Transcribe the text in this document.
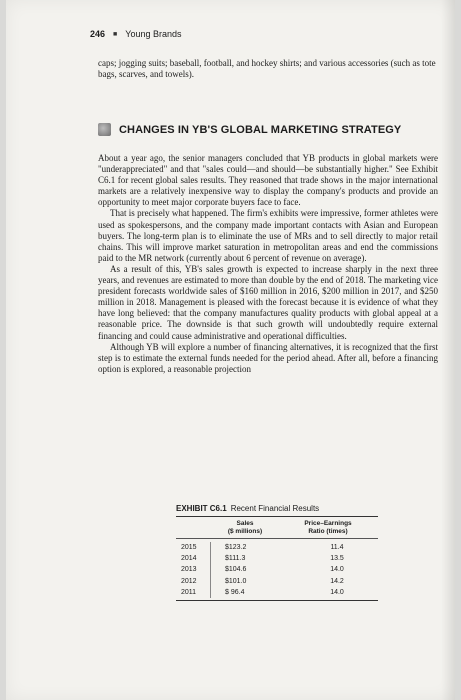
246 ■ Young Brands
caps; jogging suits; baseball, football, and hockey shirts; and various accessories (such as tote bags, scarves, and towels).
CHANGES IN YB'S GLOBAL MARKETING STRATEGY

About a year ago, the senior managers concluded that YB products in global markets were "underappreciated" and that "sales could—and should—be substantially higher." See Exhibit C6.1 for recent global sales results. They reasoned that trade shows in the major international markets are a relatively inexpensive way to display the company's products and provide an opportunity to meet major corporate buyers face to face.

That is precisely what happened. The firm's exhibits were impressive, former athletes were used as spokespersons, and the company made important contacts with Asian and European buyers. The long-term plan is to eliminate the use of MRs and to sell directly to major retail chains. This will improve market saturation in metropolitan areas and end the commissions paid to the MR network (currently about 6 percent of revenue on average).

As a result of this, YB's sales growth is expected to increase sharply in the next three years, and revenues are estimated to more than double by the end of 2018. The marketing vice president forecasts worldwide sales of $160 million in 2016, $200 million in 2017, and $250 million in 2018. Management is pleased with the forecast because it is evidence of what they have long believed: that the company manufactures quality products with global appeal at a reasonable price. The downside is that such growth will undoubtedly require external financing and could cause administrative and operational difficulties.

Although YB will explore a number of financing alternatives, it is recognized that the first step is to estimate the external funds needed for the period ahead. After all, before a financing option is explored, a reasonable projection

EXHIBIT C6.1 Recent Financial Results
Sales
($ millions)
Price–Earnings
Ratio (times)
2015
2014
2013
2012
2011
$123.2
$111.3
$104.6
$101.0
$ 96.4
11.4
13.5
14.0
14.2
14.0
